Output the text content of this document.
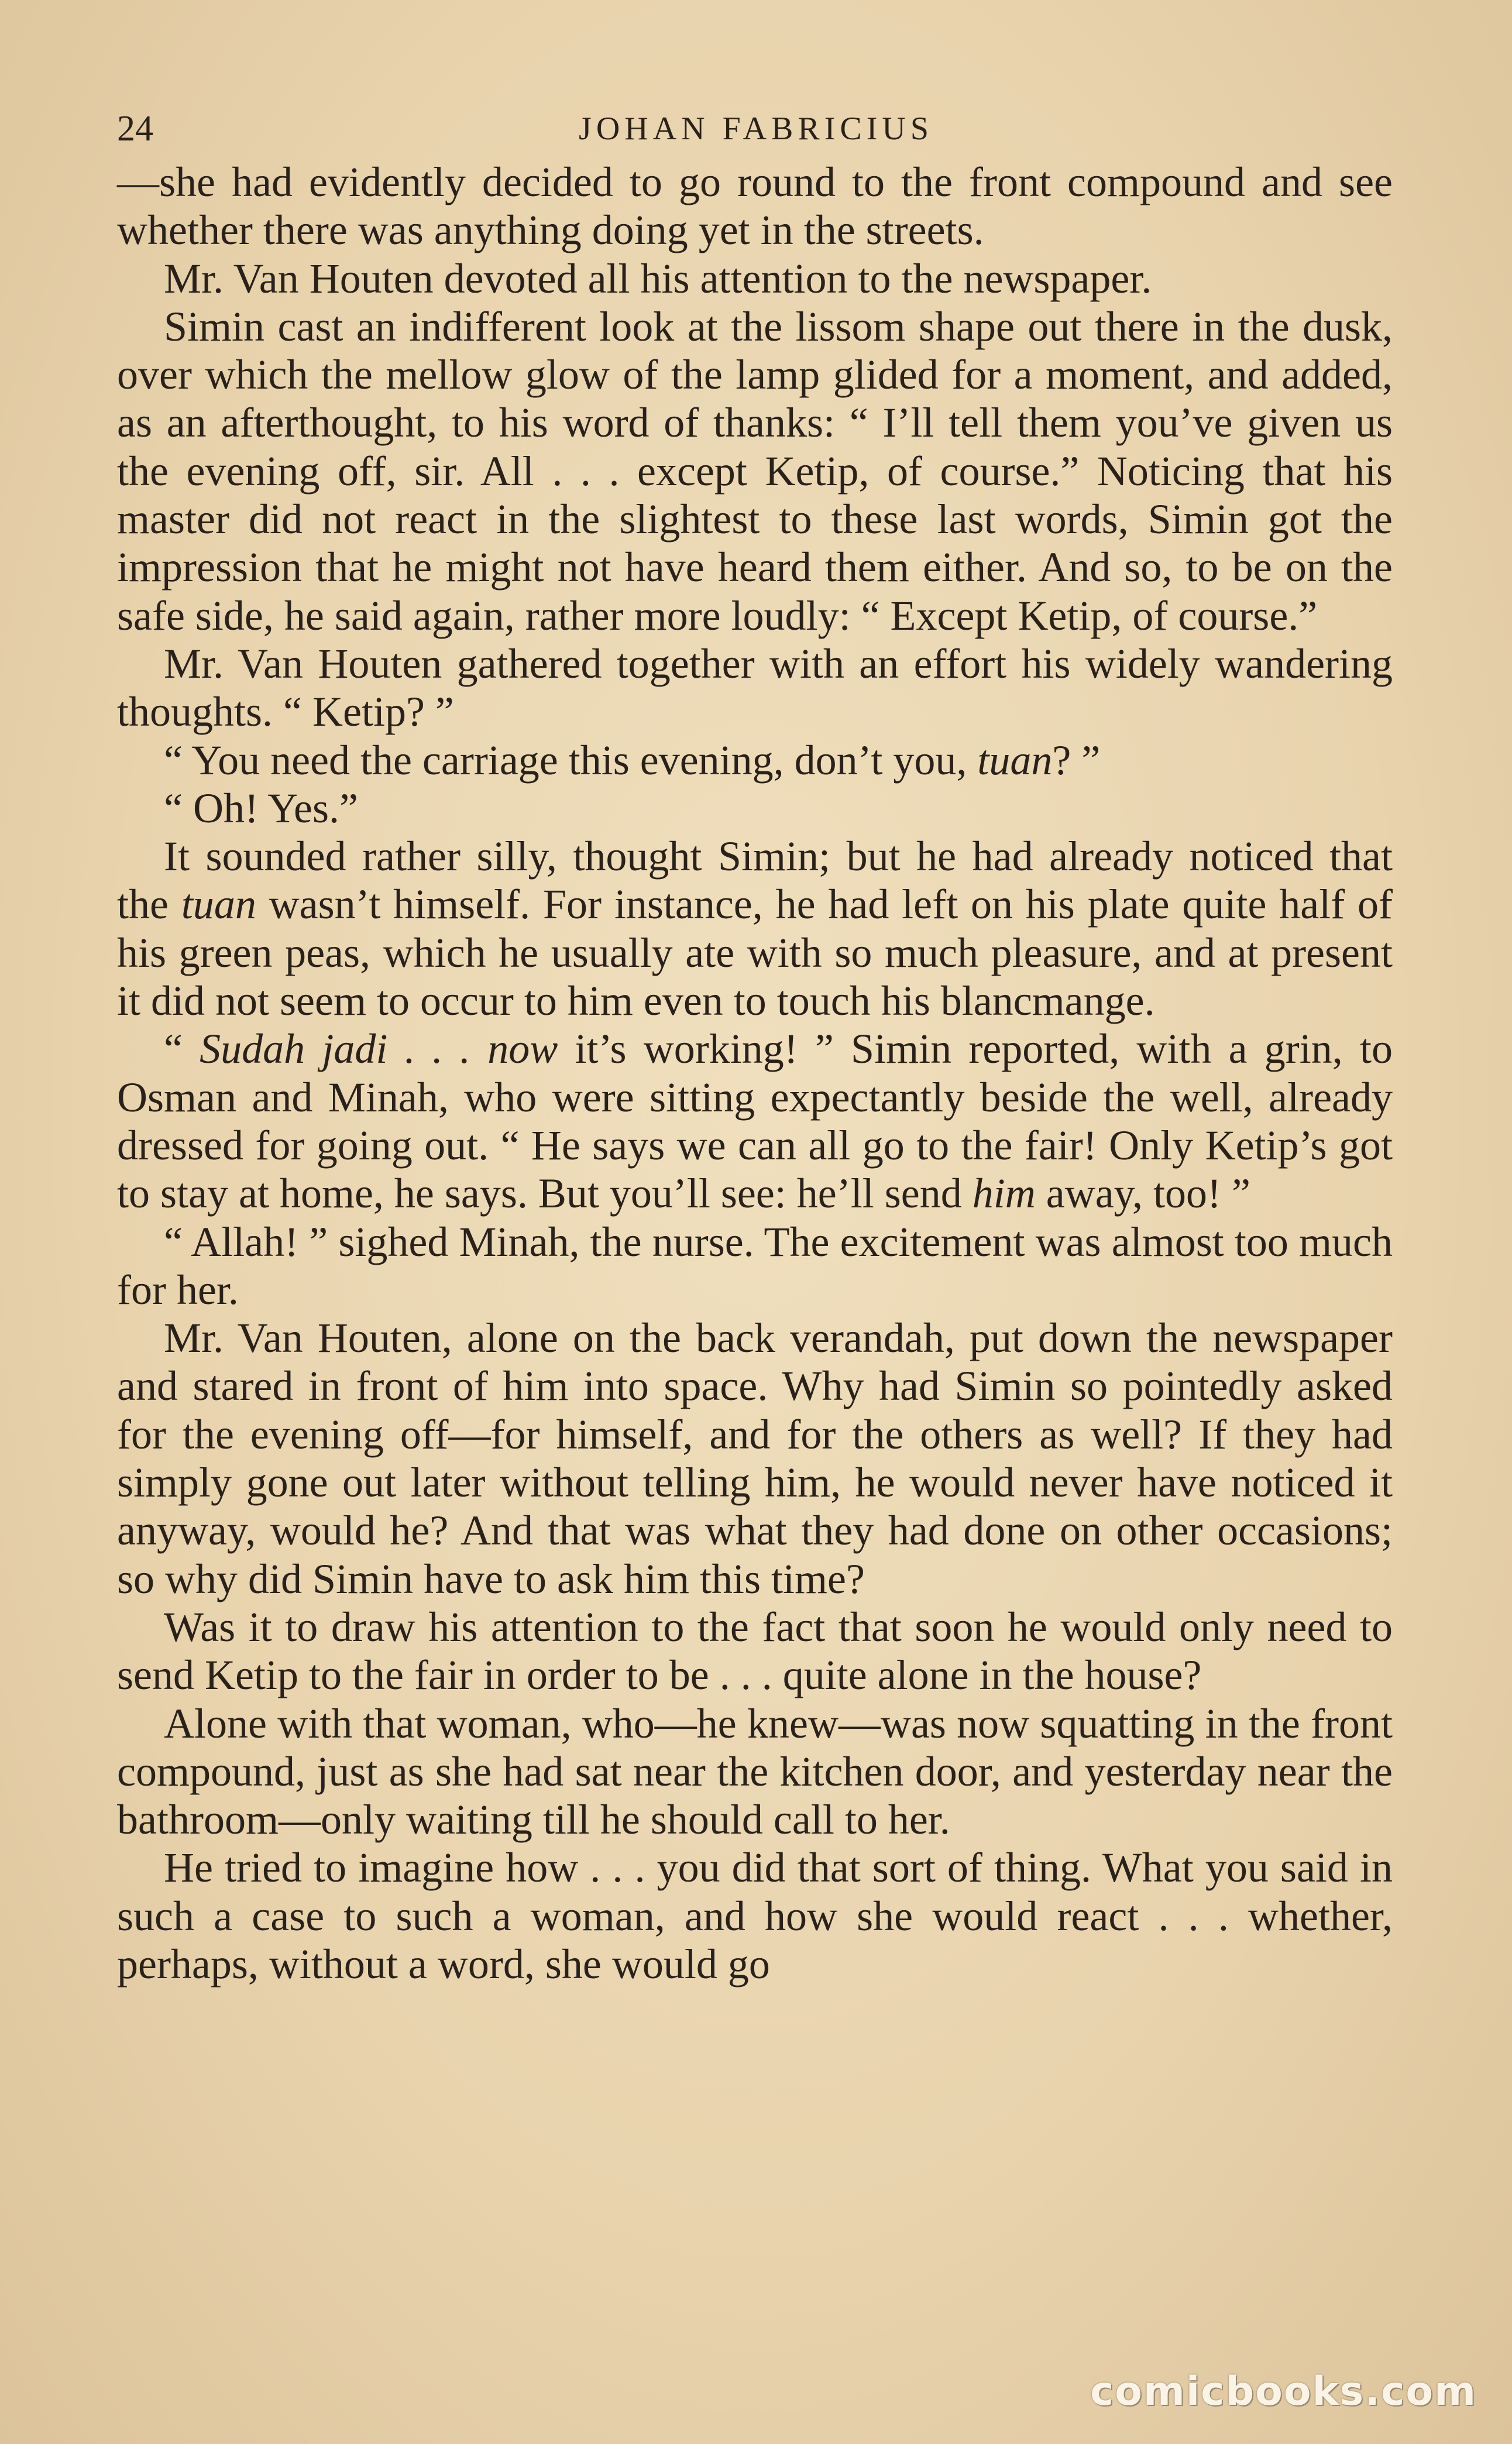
24	JOHAN FABRICIUS

—she had evidently decided to go round to the front compound and see whether there was anything doing yet in the streets.

Mr. Van Houten devoted all his attention to the newspaper.

Simin cast an indifferent look at the lissom shape out there in the dusk, over which the mellow glow of the lamp glided for a moment, and added, as an afterthought, to his word of thanks: “ I’ll tell them you’ve given us the evening off, sir. All . . . except Ketip, of course.” Noticing that his master did not react in the slightest to these last words, Simin got the impression that he might not have heard them either. And so, to be on the safe side, he said again, rather more loudly: “ Except Ketip, of course.”

Mr. Van Houten gathered together with an effort his widely wandering thoughts. “ Ketip? ”

“ You need the carriage this evening, don’t you, tuan? ”

“ Oh! Yes.”

It sounded rather silly, thought Simin; but he had already noticed that the tuan wasn’t himself. For instance, he had left on his plate quite half of his green peas, which he usually ate with so much pleasure, and at present it did not seem to occur to him even to touch his blancmange.

“ Sudah jadi . . . now it’s working! ” Simin reported, with a grin, to Osman and Minah, who were sitting expectantly beside the well, already dressed for going out. “ He says we can all go to the fair! Only Ketip’s got to stay at home, he says. But you’ll see: he’ll send him away, too! ”

“ Allah! ” sighed Minah, the nurse. The excitement was almost too much for her.

Mr. Van Houten, alone on the back verandah, put down the newspaper and stared in front of him into space. Why had Simin so pointedly asked for the evening off—for himself, and for the others as well? If they had simply gone out later without telling him, he would never have noticed it anyway, would he? And that was what they had done on other occasions; so why did Simin have to ask him this time?

Was it to draw his attention to the fact that soon he would only need to send Ketip to the fair in order to be . . . quite alone in the house?

Alone with that woman, who—he knew—was now squatting in the front compound, just as she had sat near the kitchen door, and yesterday near the bathroom—only waiting till he should call to her.

He tried to imagine how . . . you did that sort of thing. What you said in such a case to such a woman, and how she would react . . . whether, perhaps, without a word, she would go

comicbooks.com
